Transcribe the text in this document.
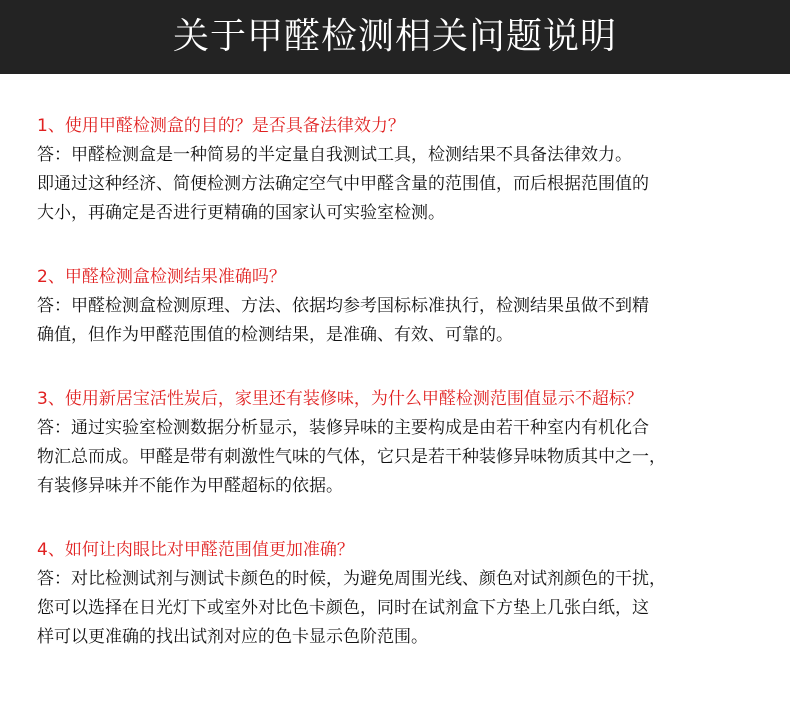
关于甲醛检测相关问题说明
1、使用甲醛检测盒的目的？是否具备法律效力？

答：甲醛检测盒是一种简易的半定量自我测试工具，检测结果不具备法律效力。

即通过这种经济、简便检测方法确定空气中甲醛含量的范围值，而后根据范围值的

大小，再确定是否进行更精确的国家认可实验室检测。

2、甲醛检测盒检测结果准确吗？

答：甲醛检测盒检测原理、方法、依据均参考国标标准执行，检测结果虽做不到精

确值，但作为甲醛范围值的检测结果，是准确、有效、可靠的。

3、使用新居宝活性炭后，家里还有装修味，为什么甲醛检测范围值显示不超标？

答：通过实验室检测数据分析显示，装修异味的主要构成是由若干种室内有机化合

物汇总而成。甲醛是带有刺激性气味的气体，它只是若干种装修异味物质其中之一，

有装修异味并不能作为甲醛超标的依据。

4、如何让肉眼比对甲醛范围值更加准确？

答：对比检测试剂与测试卡颜色的时候，为避免周围光线、颜色对试剂颜色的干扰，

您可以选择在日光灯下或室外对比色卡颜色，同时在试剂盒下方垫上几张白纸，这

样可以更准确的找出试剂对应的色卡显示色阶范围。
